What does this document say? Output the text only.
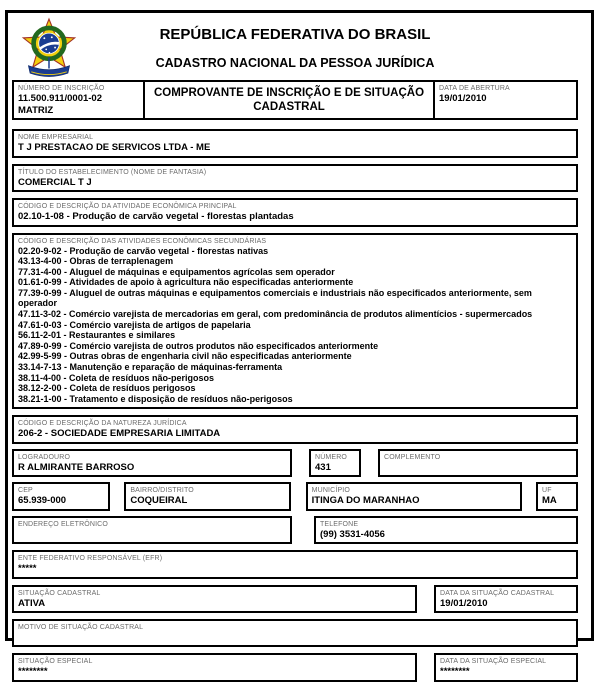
REPÚBLICA FEDERATIVA DO BRASIL
CADASTRO NACIONAL DA PESSOA JURÍDICA
NÚMERO DE INSCRIÇÃO
11.500.911/0001-02
MATRIZ
COMPROVANTE DE INSCRIÇÃO E DE SITUAÇÃO CADASTRAL
DATA DE ABERTURA
19/01/2010
NOME EMPRESARIAL
T J PRESTACAO DE SERVICOS LTDA - ME
TÍTULO DO ESTABELECIMENTO (NOME DE FANTASIA)
COMERCIAL T J
CÓDIGO E DESCRIÇÃO DA ATIVIDADE ECONÔMICA PRINCIPAL
02.10-1-08 - Produção de carvão vegetal - florestas plantadas
CÓDIGO E DESCRIÇÃO DAS ATIVIDADES ECONÔMICAS SECUNDÁRIAS
02.20-9-02 - Produção de carvão vegetal - florestas nativas
43.13-4-00 - Obras de terraplenagem
77.31-4-00 - Aluguel de máquinas e equipamentos agrícolas sem operador
01.61-0-99 - Atividades de apoio à agricultura não especificadas anteriormente
77.39-0-99 - Aluguel de outras máquinas e equipamentos comerciais e industriais não especificados anteriormente, sem operador
47.11-3-02 - Comércio varejista de mercadorias em geral, com predominância de produtos alimentícios - supermercados
47.61-0-03 - Comércio varejista de artigos de papelaria
56.11-2-01 - Restaurantes e similares
47.89-0-99 - Comércio varejista de outros produtos não especificados anteriormente
42.99-5-99 - Outras obras de engenharia civil não especificadas anteriormente
33.14-7-13 - Manutenção e reparação de máquinas-ferramenta
38.11-4-00 - Coleta de resíduos não-perigosos
38.12-2-00 - Coleta de resíduos perigosos
38.21-1-00 - Tratamento e disposição de resíduos não-perigosos
CÓDIGO E DESCRIÇÃO DA NATUREZA JURÍDICA
206-2 - SOCIEDADE EMPRESARIA LIMITADA
LOGRADOURO
R ALMIRANTE BARROSO
NÚMERO
431
COMPLEMENTO
CEP
65.939-000
BAIRRO/DISTRITO
COQUEIRAL
MUNICÍPIO
ITINGA DO MARANHAO
UF
MA
ENDEREÇO ELETRÔNICO	TELEFONE
(99) 3531-4056
ENTE FEDERATIVO RESPONSÁVEL (EFR)
*****
SITUAÇÃO CADASTRAL
ATIVA
DATA DA SITUAÇÃO CADASTRAL
19/01/2010
MOTIVO DE SITUAÇÃO CADASTRAL
SITUAÇÃO ESPECIAL
********
DATA DA SITUAÇÃO ESPECIAL
********
